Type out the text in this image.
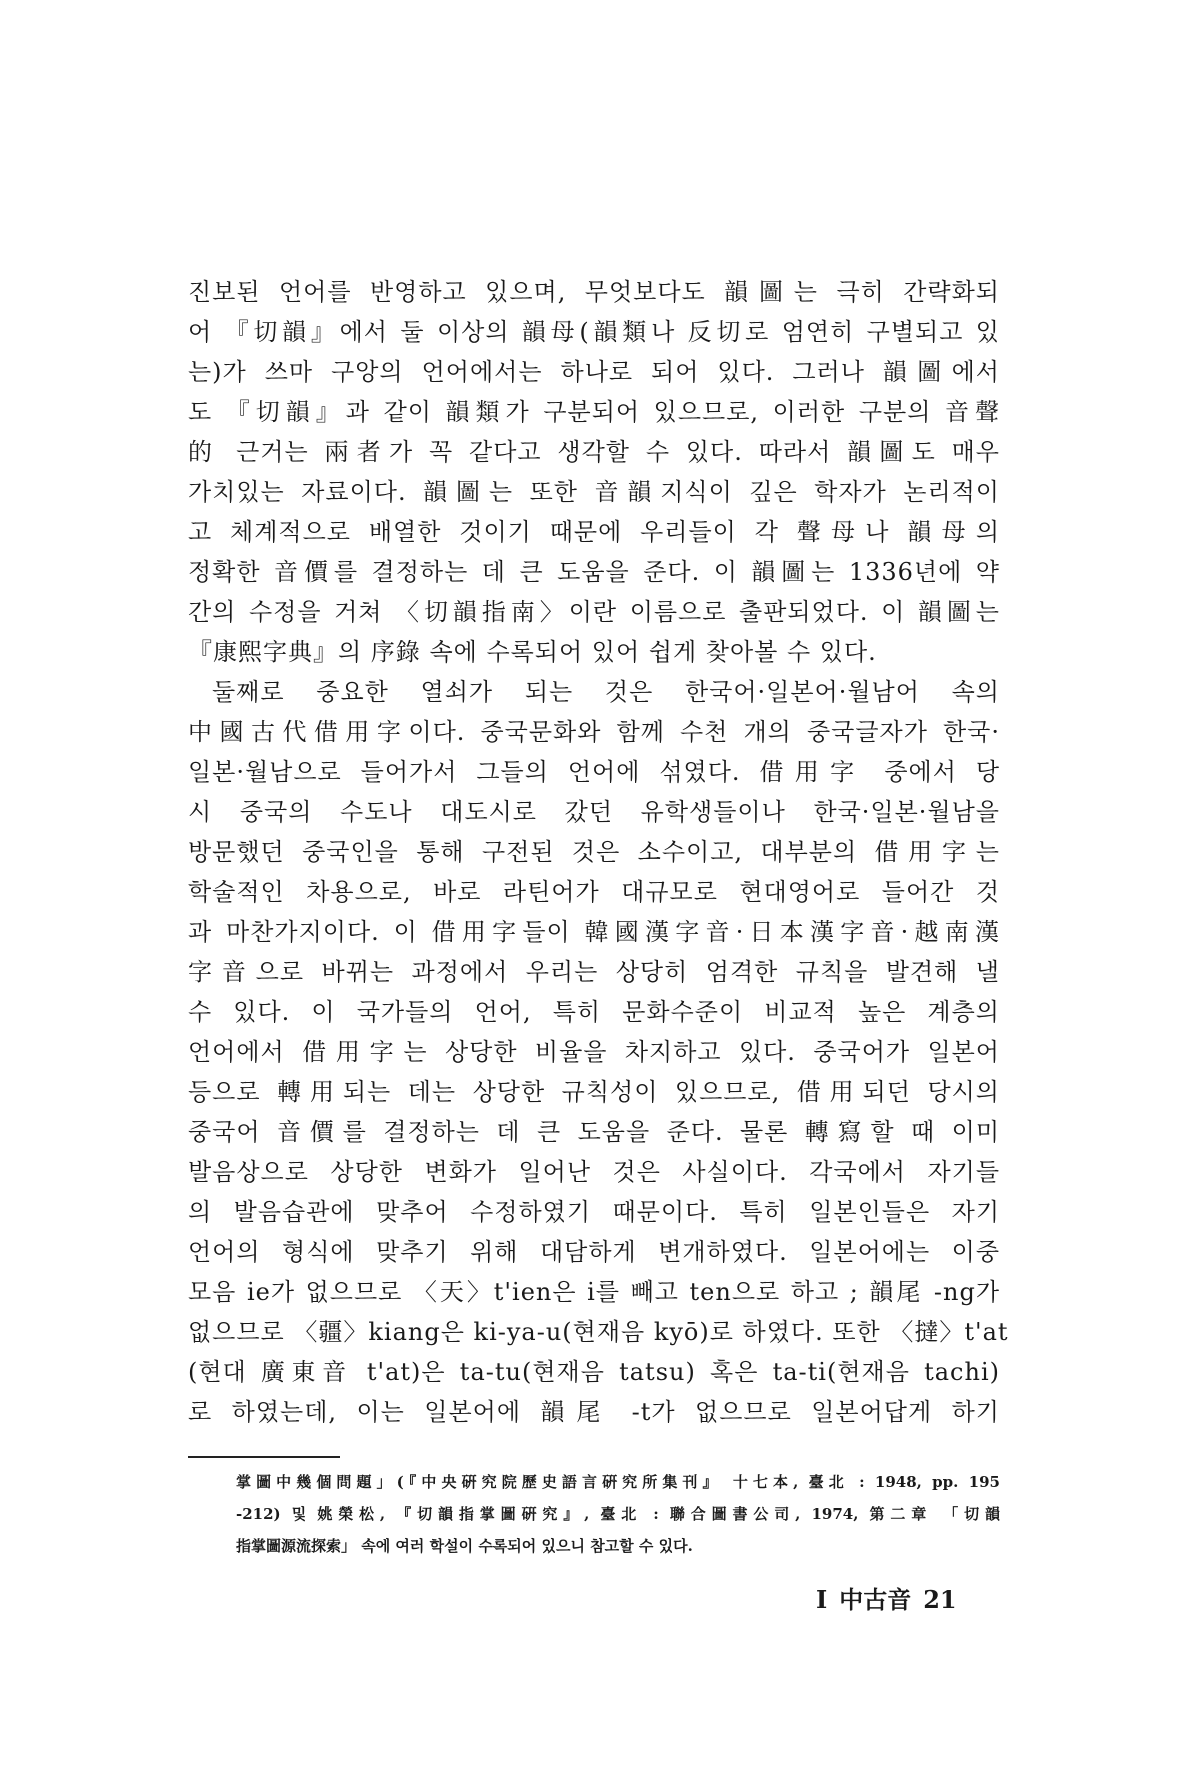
진보된 언어를 반영하고 있으며, 무엇보다도 韻圖는 극히 간략화되
어 『切韻』에서 둘 이상의 韻母(韻類나 反切로 엄연히 구별되고 있
는)가 쓰마 구앙의 언어에서는 하나로 되어 있다. 그러나 韻圖에서
도 『切韻』과 같이 韻類가 구분되어 있으므로, 이러한 구분의 音聲
的 근거는 兩者가 꼭 같다고 생각할 수 있다. 따라서 韻圖도 매우
가치있는 자료이다. 韻圖는 또한 音韻지식이 깊은 학자가 논리적이
고 체계적으로 배열한 것이기 때문에 우리들이 각 聲母나 韻母의
정확한 音價를 결정하는 데 큰 도움을 준다. 이 韻圖는 1336년에 약
간의 수정을 거쳐 〈切韻指南〉이란 이름으로 출판되었다. 이 韻圖는
『康熙字典』의 序錄 속에 수록되어 있어 쉽게 찾아볼 수 있다.
둘째로 중요한 열쇠가 되는 것은 한국어·일본어·월남어 속의
中國古代借用字이다. 중국문화와 함께 수천 개의 중국글자가 한국·
일본·월남으로 들어가서 그들의 언어에 섞였다. 借用字 중에서 당
시 중국의 수도나 대도시로 갔던 유학생들이나 한국·일본·월남을
방문했던 중국인을 통해 구전된 것은 소수이고, 대부분의 借用字는
학술적인 차용으로, 바로 라틴어가 대규모로 현대영어로 들어간 것
과 마찬가지이다. 이 借用字들이 韓國漢字音·日本漢字音·越南漢
字音으로 바뀌는 과정에서 우리는 상당히 엄격한 규칙을 발견해 낼
수 있다. 이 국가들의 언어, 특히 문화수준이 비교적 높은 계층의
언어에서 借用字는 상당한 비율을 차지하고 있다. 중국어가 일본어
등으로 轉用되는 데는 상당한 규칙성이 있으므로, 借用되던 당시의
중국어 音價를 결정하는 데 큰 도움을 준다. 물론 轉寫할 때 이미
발음상으로 상당한 변화가 일어난 것은 사실이다. 각국에서 자기들
의 발음습관에 맞추어 수정하였기 때문이다. 특히 일본인들은 자기
언어의 형식에 맞추기 위해 대담하게 변개하였다. 일본어에는 이중
모음 ie가 없으므로 〈天〉t'ien은 i를 빼고 ten으로 하고 ; 韻尾 -ng가
없으므로 〈疆〉kiang은 ki-ya-u(현재음 kyō)로 하였다. 또한 〈撻〉t'at
(현대 廣東音 t'at)은 ta-tu(현재음 tatsu) 혹은 ta-ti(현재음 tachi)
로 하였는데, 이는 일본어에 韻尾 -t가 없으므로 일본어답게 하기
掌圖中幾個問題」(『中央硏究院歷史語言硏究所集刊』 十七本, 臺北 : 1948, pp. 195
-212) 및 姚榮松, 『切韻指掌圖硏究』, 臺北 : 聯合圖書公司, 1974, 第二章 「切韻
指掌圖源流探索」 속에 여러 학설이 수록되어 있으니 참고할 수 있다.
I 中古音 21
